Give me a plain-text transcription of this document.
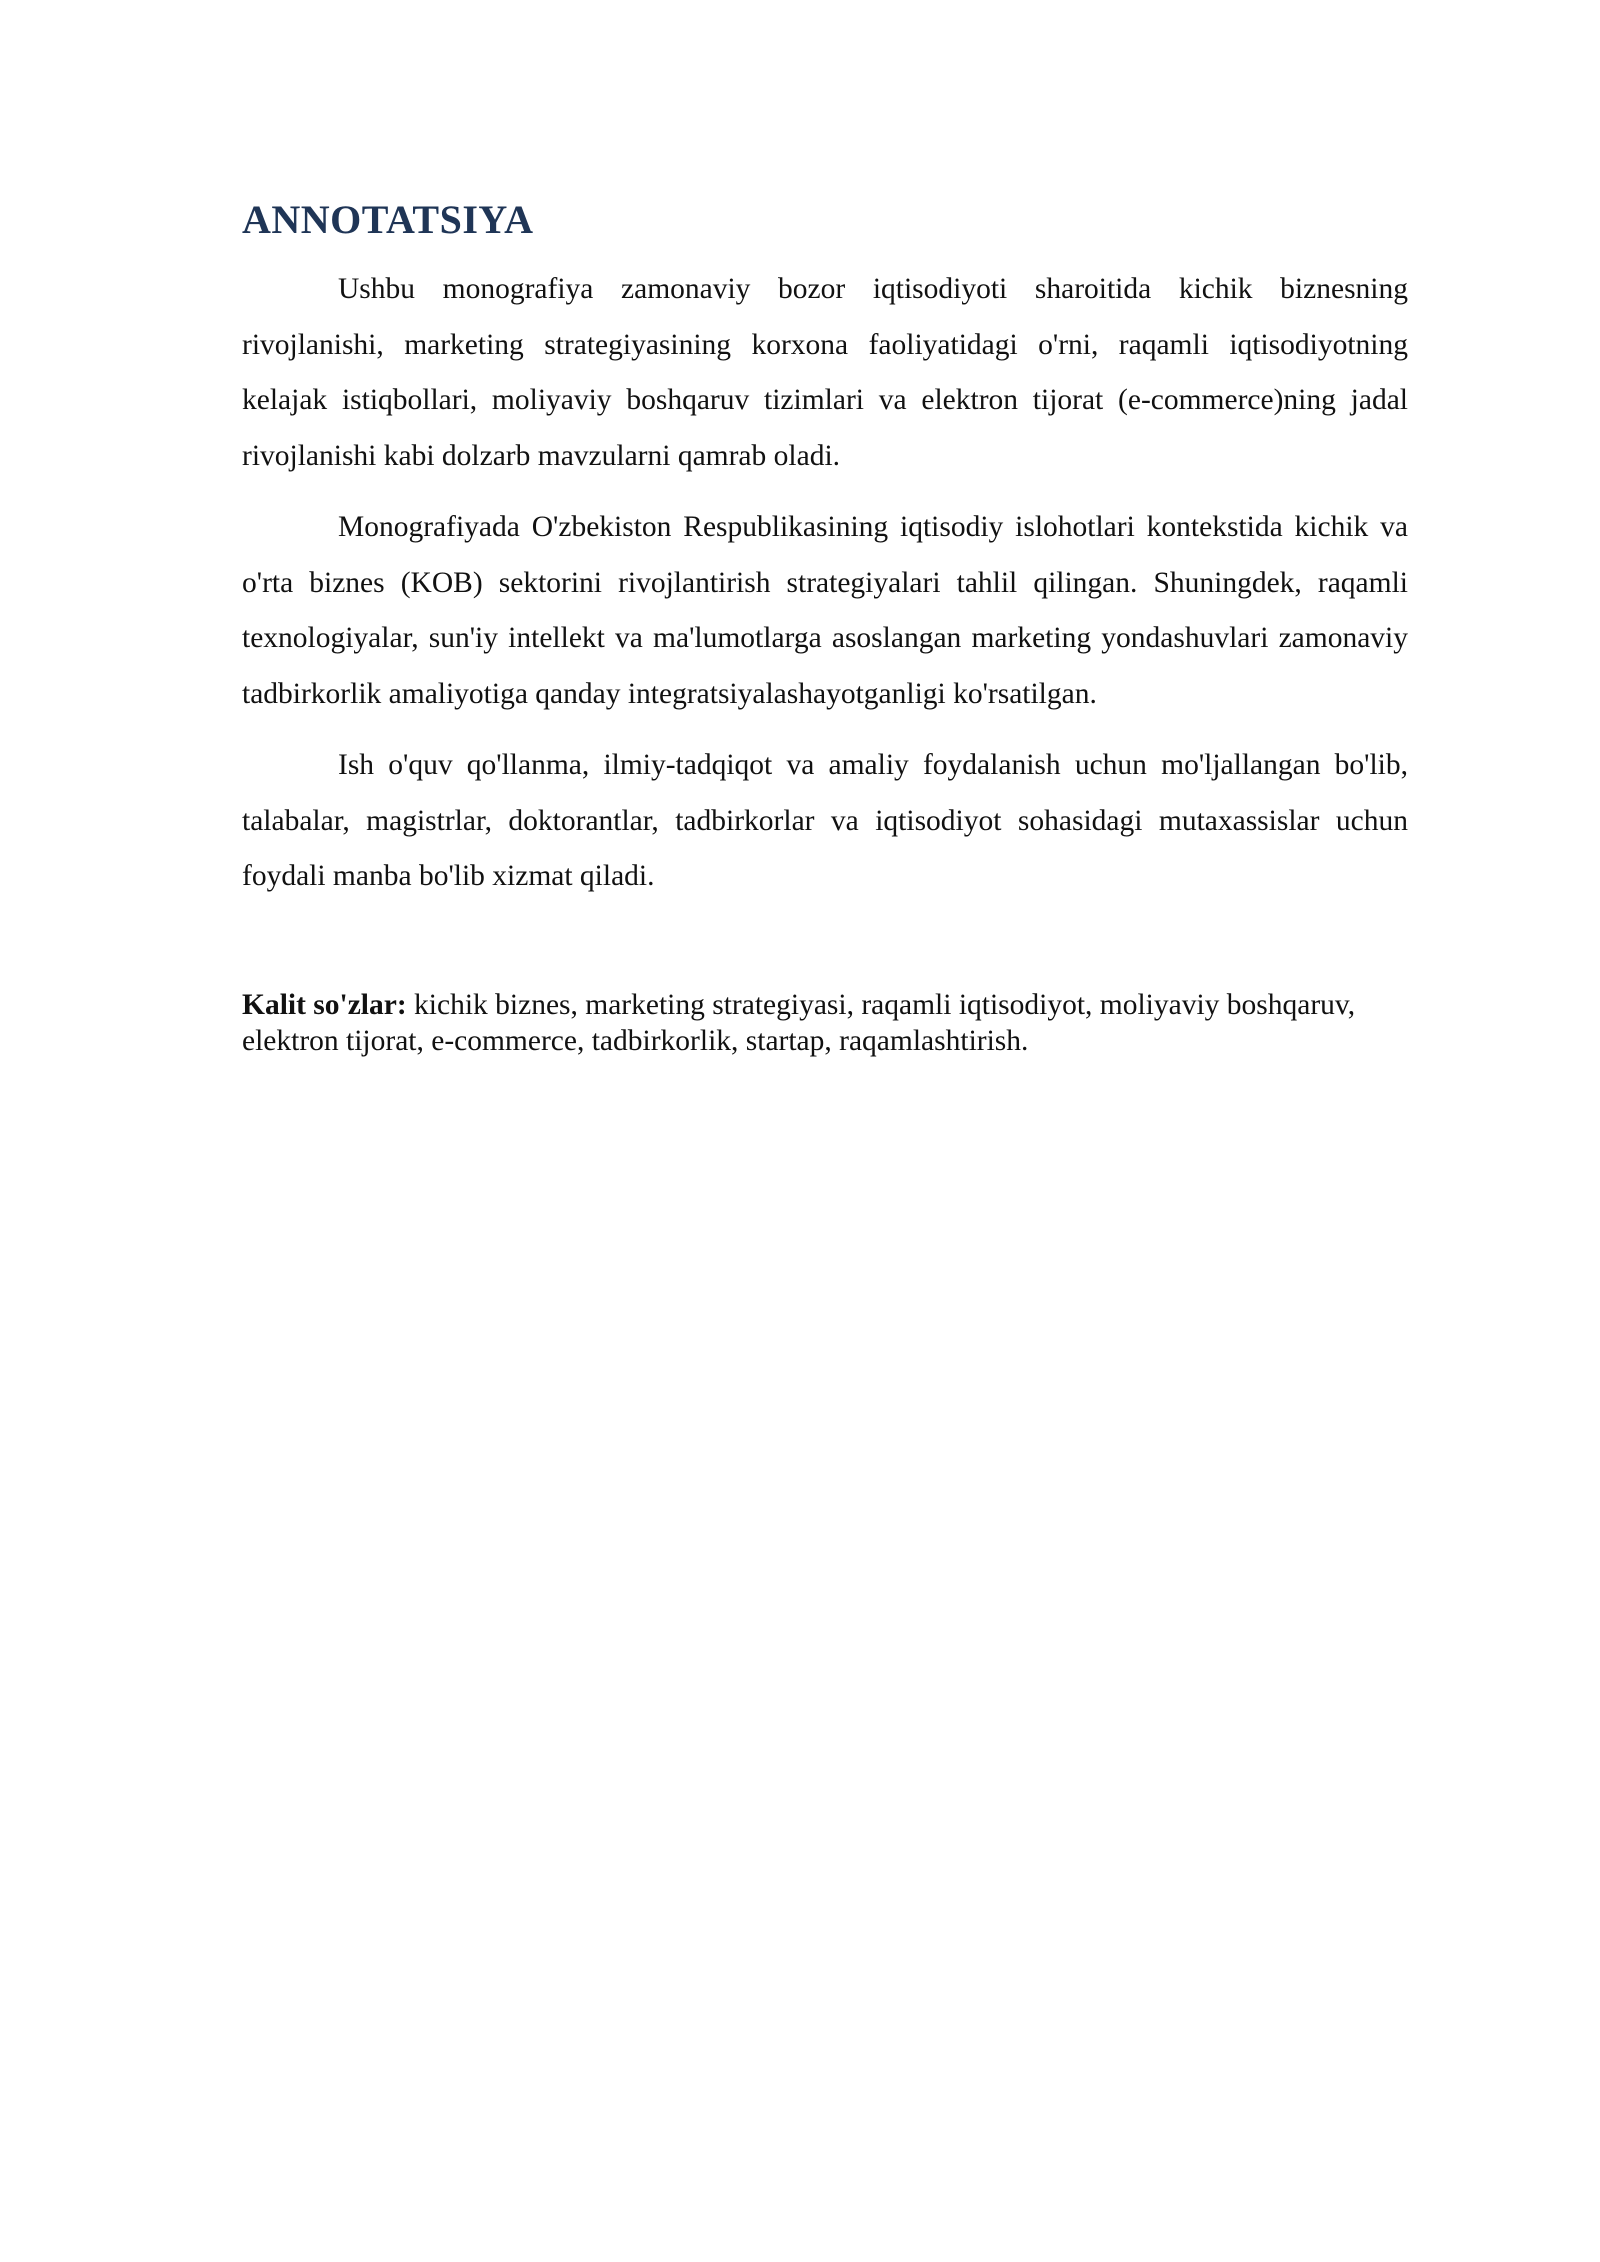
ANNOTATSIYA

Ushbu monografiya zamonaviy bozor iqtisodiyoti sharoitida kichik biznesning rivojlanishi, marketing strategiyasining korxona faoliyatidagi o'rni, raqamli iqtisodiyotning kelajak istiqbollari, moliyaviy boshqaruv tizimlari va elektron tijorat (e-commerce)ning jadal rivojlanishi kabi dolzarb mavzularni qamrab oladi.

Monografiyada O'zbekiston Respublikasining iqtisodiy islohotlari kontekstida kichik va o'rta biznes (KOB) sektorini rivojlantirish strategiyalari tahlil qilingan. Shuningdek, raqamli texnologiyalar, sun'iy intellekt va ma'lumotlarga asoslangan marketing yondashuvlari zamonaviy tadbirkorlik amaliyotiga qanday integratsiyalashayotganligi ko'rsatilgan.

Ish o'quv qo'llanma, ilmiy-tadqiqot va amaliy foydalanish uchun mo'ljallangan bo'lib, talabalar, magistrlar, doktorantlar, tadbirkorlar va iqtisodiyot sohasidagi mutaxassislar uchun foydali manba bo'lib xizmat qiladi.

Kalit so'zlar: kichik biznes, marketing strategiyasi, raqamli iqtisodiyot, moliyaviy boshqaruv, elektron tijorat, e-commerce, tadbirkorlik, startap, raqamlashtirish.
